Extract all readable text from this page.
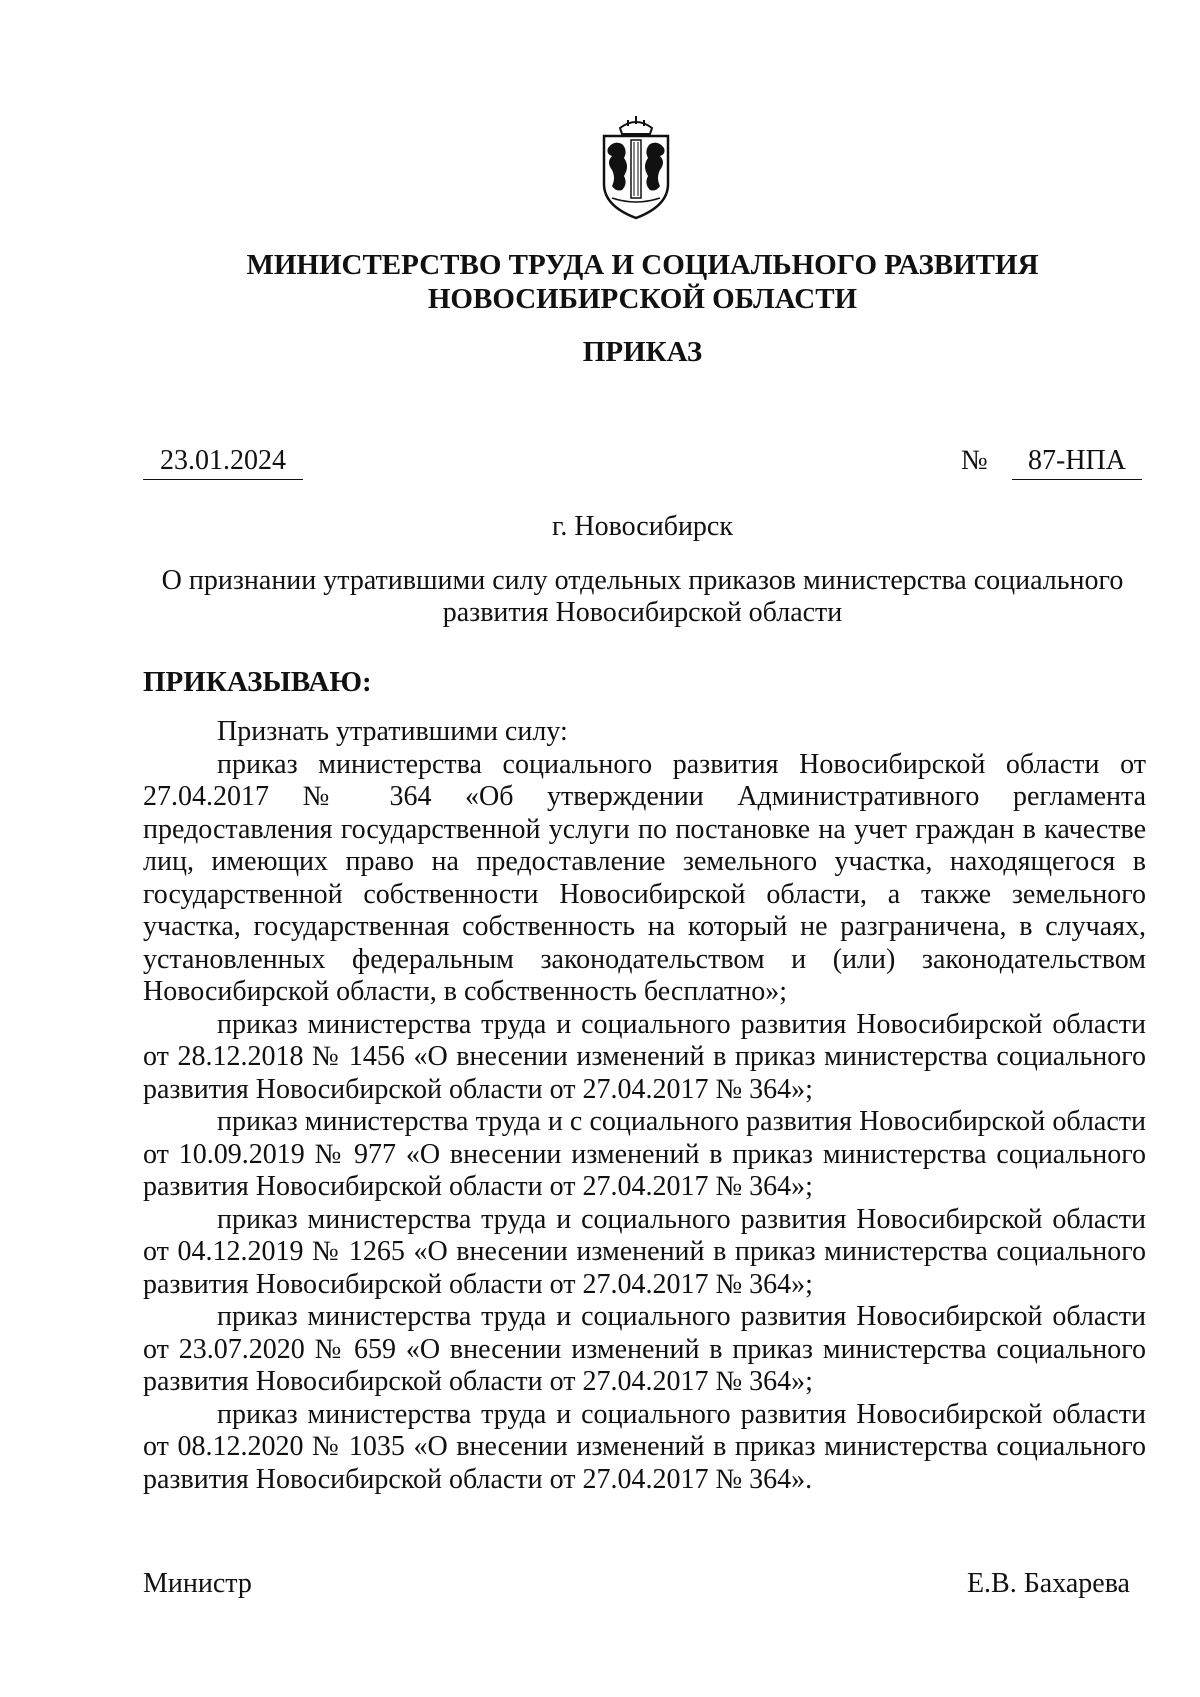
МИНИСТЕРСТВО ТРУДА И СОЦИАЛЬНОГО РАЗВИТИЯ
НОВОСИБИРСКОЙ ОБЛАСТИ
ПРИКАЗ
23.01.2024	№	87-НПА
г. Новосибирск
О признании утратившими силу отдельных приказов министерства социального развития Новосибирской области
ПРИКАЗЫВАЮ:

Признать утратившими силу:

приказ министерства социального развития Новосибирской области от 27.04.2017 № 364 «Об утверждении Административного регламента предоставления государственной услуги по постановке на учет граждан в качестве лиц, имеющих право на предоставление земельного участка, находящегося в государственной собственности Новосибирской области, а также земельного участка, государственная собственность на который не разграничена, в случаях, установленных федеральным законодательством и (или) законодательством Новосибирской области, в собственность бесплатно»;

приказ министерства труда и социального развития Новосибирской области от 28.12.2018 № 1456 «О внесении изменений в приказ министерства социального развития Новосибирской области от 27.04.2017 № 364»;

приказ министерства труда и с социального развития Новосибирской области от 10.09.2019 № 977 «О внесении изменений в приказ министерства социального развития Новосибирской области от 27.04.2017 № 364»;

приказ министерства труда и социального развития Новосибирской области от 04.12.2019 № 1265 «О внесении изменений в приказ министерства социального развития Новосибирской области от 27.04.2017 № 364»;

приказ министерства труда и социального развития Новосибирской области от 23.07.2020 № 659 «О внесении изменений в приказ министерства социального развития Новосибирской области от 27.04.2017 № 364»;

приказ министерства труда и социального развития Новосибирской области от 08.12.2020 № 1035 «О внесении изменений в приказ министерства социального развития Новосибирской области от 27.04.2017 № 364».

Министр	Е.В. Бахарева
